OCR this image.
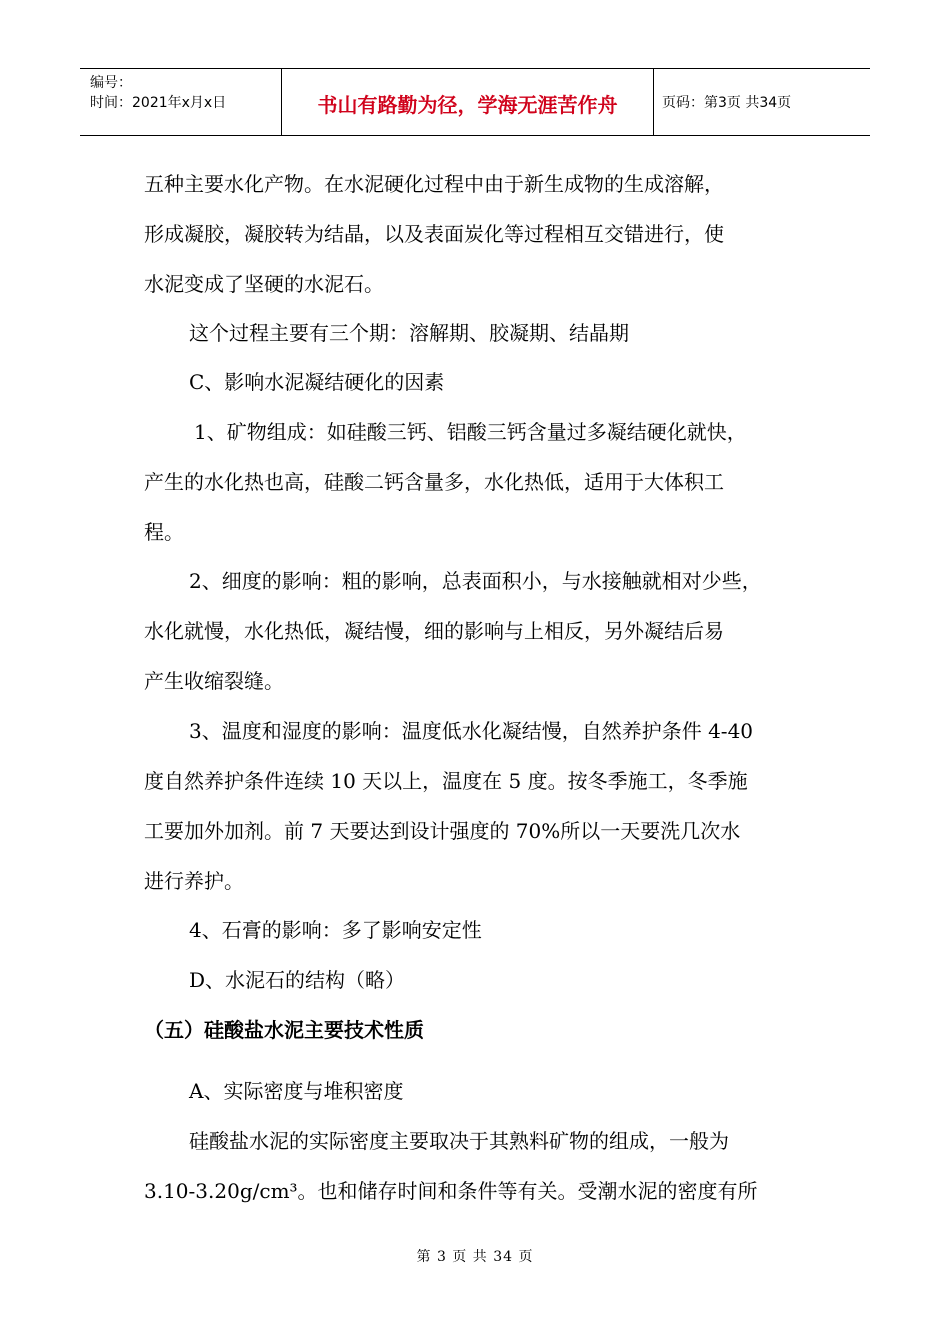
编号：
时间：2021年x月x日	书山有路勤为径，学海无涯苦作舟	页码：第3页 共34页
五种主要水化产物。在水泥硬化过程中由于新生成物的生成溶解，
形成凝胶，凝胶转为结晶，以及表面炭化等过程相互交错进行，使
水泥变成了坚硬的水泥石。
这个过程主要有三个期：溶解期、胶凝期、结晶期
C、影响水泥凝结硬化的因素
1、矿物组成：如硅酸三钙、铝酸三钙含量过多凝结硬化就快，
产生的水化热也高，硅酸二钙含量多，水化热低，适用于大体积工
程。
2、细度的影响：粗的影响，总表面积小，与水接触就相对少些，
水化就慢，水化热低，凝结慢，细的影响与上相反，另外凝结后易
产生收缩裂缝。
3、温度和湿度的影响：温度低水化凝结慢，自然养护条件 4-40
度自然养护条件连续 10 天以上，温度在 5 度。按冬季施工，冬季施
工要加外加剂。前 7 天要达到设计强度的 70%所以一天要洗几次水
进行养护。
4、石膏的影响：多了影响安定性
D、水泥石的结构（略）
（五）硅酸盐水泥主要技术性质
A、实际密度与堆积密度
硅酸盐水泥的实际密度主要取决于其熟料矿物的组成，一般为
3.10-3.20g/cm³。也和储存时间和条件等有关。受潮水泥的密度有所
第 3 页 共 34 页
